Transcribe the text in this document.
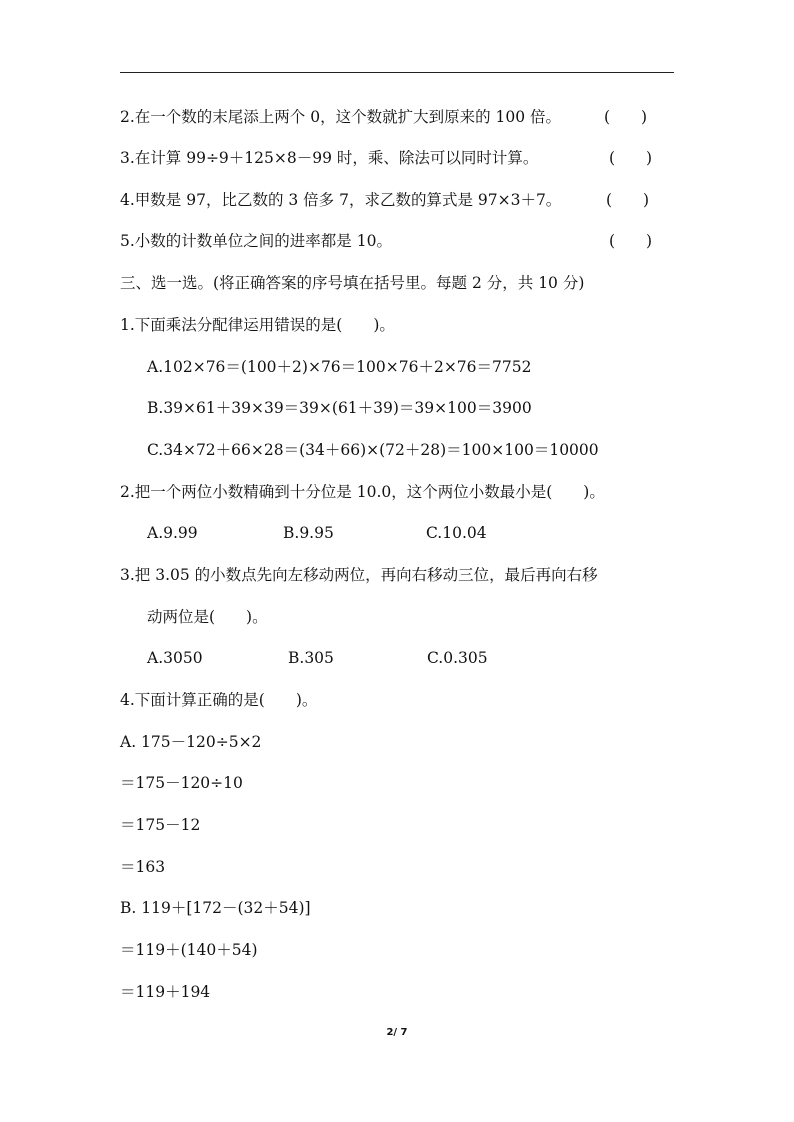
2.在一个数的末尾添上两个 0，这个数就扩大到原来的 100 倍。	(　　)
3.在计算 99÷9＋125×8－99 时，乘、除法可以同时计算。	(　　)
4.甲数是 97，比乙数的 3 倍多 7，求乙数的算式是 97×3＋7。	(　　)
5.小数的计数单位之间的进率都是 10。	(　　)
三、选一选。(将正确答案的序号填在括号里。每题 2 分，共 10 分)
1.下面乘法分配律运用错误的是(　　)。
A.102×76＝(100＋2)×76＝100×76＋2×76＝7752
B.39×61＋39×39＝39×(61＋39)＝39×100＝3900
C.34×72＋66×28＝(34＋66)×(72＋28)＝100×100＝10000
2.把一个两位小数精确到十分位是 10.0，这个两位小数最小是(　　)。
A.9.99	B.9.95	C.10.04
3.把 3.05 的小数点先向左移动两位，再向右移动三位，最后再向右移
动两位是(　　)。
A.3050	B.305	C.0.305
4.下面计算正确的是(　　)。
A. 175－120÷5×2
＝175－120÷10
＝175－12
＝163
B. 119＋[172－(32＋54)]
＝119＋(140＋54)
＝119＋194
2/ 7
